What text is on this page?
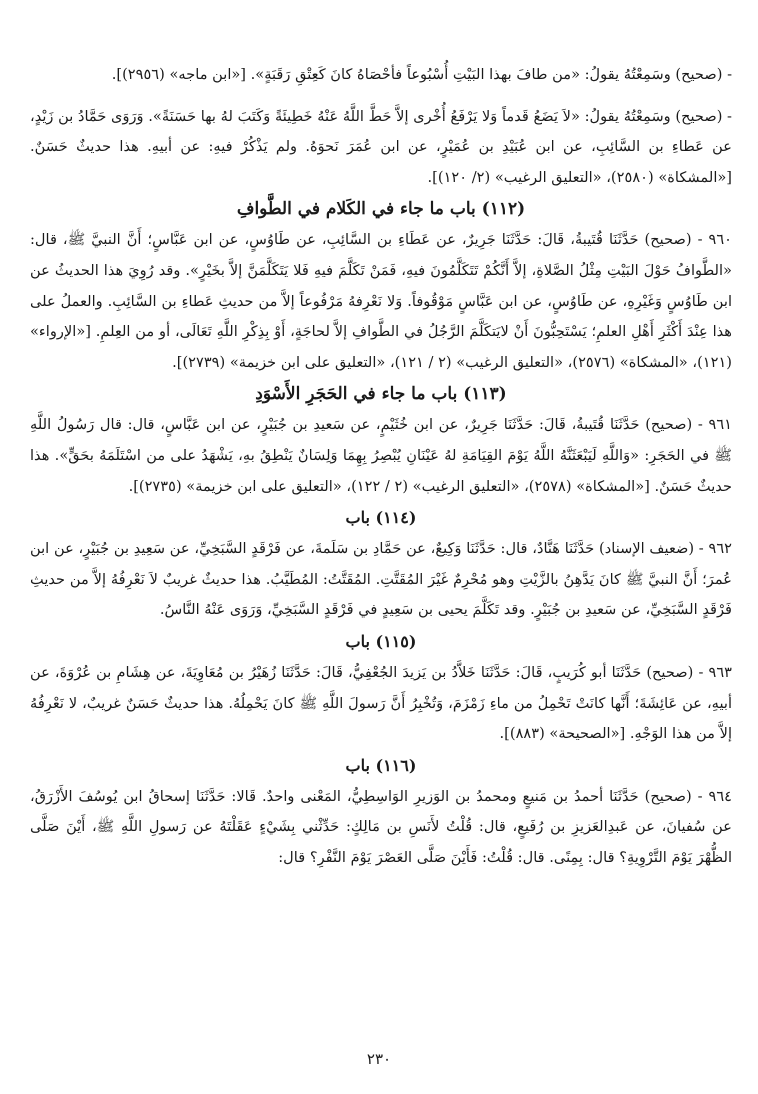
- (صحيح) وسَمِعْتُهُ يقولُ: «من طافَ بهذا البَيْتِ أُسْبُوعاً فأحْصَاهُ كانَ كَعِتْقِ رَقَبَةٍ». [«ابن ماجه» (٢٩٥٦)].

- (صحيح) وسَمِعْتُهُ يقولُ: «لاَ يَضَعُ قَدماً وَلا يَرْفَعُ أُخْرى إلاَّ حَطَّ اللَّهُ عَنْهُ خَطِيئَةً وَكَتَبَ لهُ بها حَسَنَةً». وَرَوَى حَمَّادُ بن زَيْدٍ، عن عَطاءِ بن السَّائِبِ، عن ابن عُبَيْدِ بن عُمَيْرٍ، عن ابن عُمَرَ نَحوَهُ. ولم يَذْكُرْ فيهِ: عن أبيهِ. هذا حديثٌ حَسَنٌ. [«المشكاة» (٢٥٨٠)، «التعليق الرغيب» (٢/ ١٢٠)].

(١١٢) باب ما جاء في الكَلام في الطَّوافِ

٩٦٠ - (صحيح) حَدَّثَنَا قُتَيبةُ، قَالَ: حَدَّثَنَا جَرِيرٌ، عن عَطَاءِ بن السَّائِبِ، عن طَاوُسٍ، عن ابن عَبَّاسٍ؛ أَنَّ النبيَّ ﷺ، قال: «الطَّوافُ حَوْلَ البَيْتِ مِثْلُ الصَّلاةِ، إلاَّ أَنَّكُمْ تَتَكَلَّمُونَ فيهِ، فَمَنْ تَكَلَّمَ فيهِ فَلا يَتَكَلَّمَنَّ إلاَّ بخَيْرٍ». وقد رُوِيَ هذا الحديثُ عن ابن طَاوُسٍ وَغَيْرِهِ، عن طَاوُسٍ، عن ابن عَبَّاسٍ مَوْقُوفاً. وَلا نَعْرِفهُ مَرْفُوعاً إلاَّ من حديثِ عَطاءِ بن السَّائِبِ. والعملُ على هذا عِنْدَ أَكْثَرِ أَهْلِ العلمِ؛ يَسْتَحِبُّونَ أَنْ لايَتكَلَّمَ الرَّجُلُ في الطَّوافِ إلاَّ لحاجَةٍ، أَوْ بِذِكْرِ اللَّهِ تَعَالَى، أو من العِلمِ. [«الإرواء» (١٢١)، «المشكاة» (٢٥٧٦)، «التعليق الرغيب» (٢ / ١٢١)، «التعليق على ابن خزيمة» (٢٧٣٩)].

(١١٣) باب ما جاء في الحَجَرِ الأَسْوَدِ

٩٦١ - (صحيح) حَدَّثَنَا قُتَيبةُ، قَالَ: حَدَّثَنَا جَرِيرٌ، عن ابن خُثَيْمٍ، عن سَعيدِ بن جُبَيْرٍ، عن ابن عَبَّاسٍ، قال: قال رَسُولُ اللَّهِ ﷺ في الحَجَرِ: «وَاللَّهِ لَيَبْعَثَنَّهُ اللَّهُ يَوْمَ القِيَامَةِ لهُ عَيْنَانِ يُبْصِرُ بِهِمَا وَلِسَانٌ يَنْطِقُ بهِ، يَشْهَدُ على من اسْتَلَمَهُ بحَقٍّ». هذا حديثٌ حَسَنٌ. [«المشكاة» (٢٥٧٨)، «التعليق الرغيب» (٢ / ١٢٢)، «التعليق على ابن خزيمة» (٢٧٣٥)].

(١١٤) باب

٩٦٢ - (ضعيف الإسناد) حَدَّثَنَا هَنَّادٌ، قال: حَدَّثَنَا وَكِيعٌ، عن حَمَّادِ بن سَلَمةَ، عن فَرْقَدٍ السَّبَخِيِّ، عن سَعِيدِ بن جُبَيْرٍ، عن ابن عُمرَ؛ أَنَّ النبيَّ ﷺ كانَ يَدَّهِنُ بالزَّيْتِ وهو مُحْرِمٌ غَيْرَ المُقَتَّتِ. المُقَتَّتُ: المُطَيَّبُ. هذا حديثٌ غريبٌ لاَ نَعْرِفُهُ إلاَّ من حديثِ فَرْقَدٍ السَّبَخِيِّ، عن سَعيدِ بن جُبَيْرٍ. وقد تَكَلَّمَ يحيى بن سَعِيدٍ في فَرْقَدٍ السَّبَخِيِّ، وَرَوَى عَنْهُ النَّاسُ.

(١١٥) باب

٩٦٣ - (صحيح) حَدَّثَنَا أبو كُرَيبٍ، قَالَ: حَدَّثَنَا خَلاَّدُ بن يَزيدَ الجُعْفِيُّ، قَالَ: حَدَّثَنَا زُهَيْرُ بن مُعَاوِيَةَ، عن هِشَامِ بن عُرْوَةَ، عن أبيهِ، عن عَائِشَةَ؛ أَنَّها كانَتْ تَحْمِلُ من ماءِ زَمْزَمَ، وَتُخْبِرُ أَنَّ رَسولَ اللَّهِ ﷺ كانَ يَحْمِلُهُ. هذا حديثٌ حَسَنٌ غريبٌ، لا نَعْرِفُهُ إلاَّ من هذا الوَجْهِ. [«الصحيحة» (٨٨٣)].

(١١٦) باب

٩٦٤ - (صحيح) حَدَّثَنَا أحمدُ بن مَنيعٍ ومحمدُ بن الوَزيرِ الوَاسِطِيُّ، المَعْنى واحدٌ. قَالا: حَدَّثَنَا إسحاقُ ابن يُوسُفَ الأَزْرَقُ، عن سُفيانَ، عن عَبدِالعَزيزِ بن رُفَيعٍ، قال: قُلْتُ لأَنَسِ بن مَالِكٍ: حَدِّثْني بِشَيْءٍ عَقَلْتَهُ عن رَسولِ اللَّهِ ﷺ، أَيْنَ صَلَّى الظُّهْرَ يَوْمَ التَّرْوِيةِ؟ قال: بِمِنًى. قال: قُلْتُ: فَأَيْنَ صَلَّى العَصْرَ يَوْمَ النَّفْرِ؟ قال:

٢٣٠
